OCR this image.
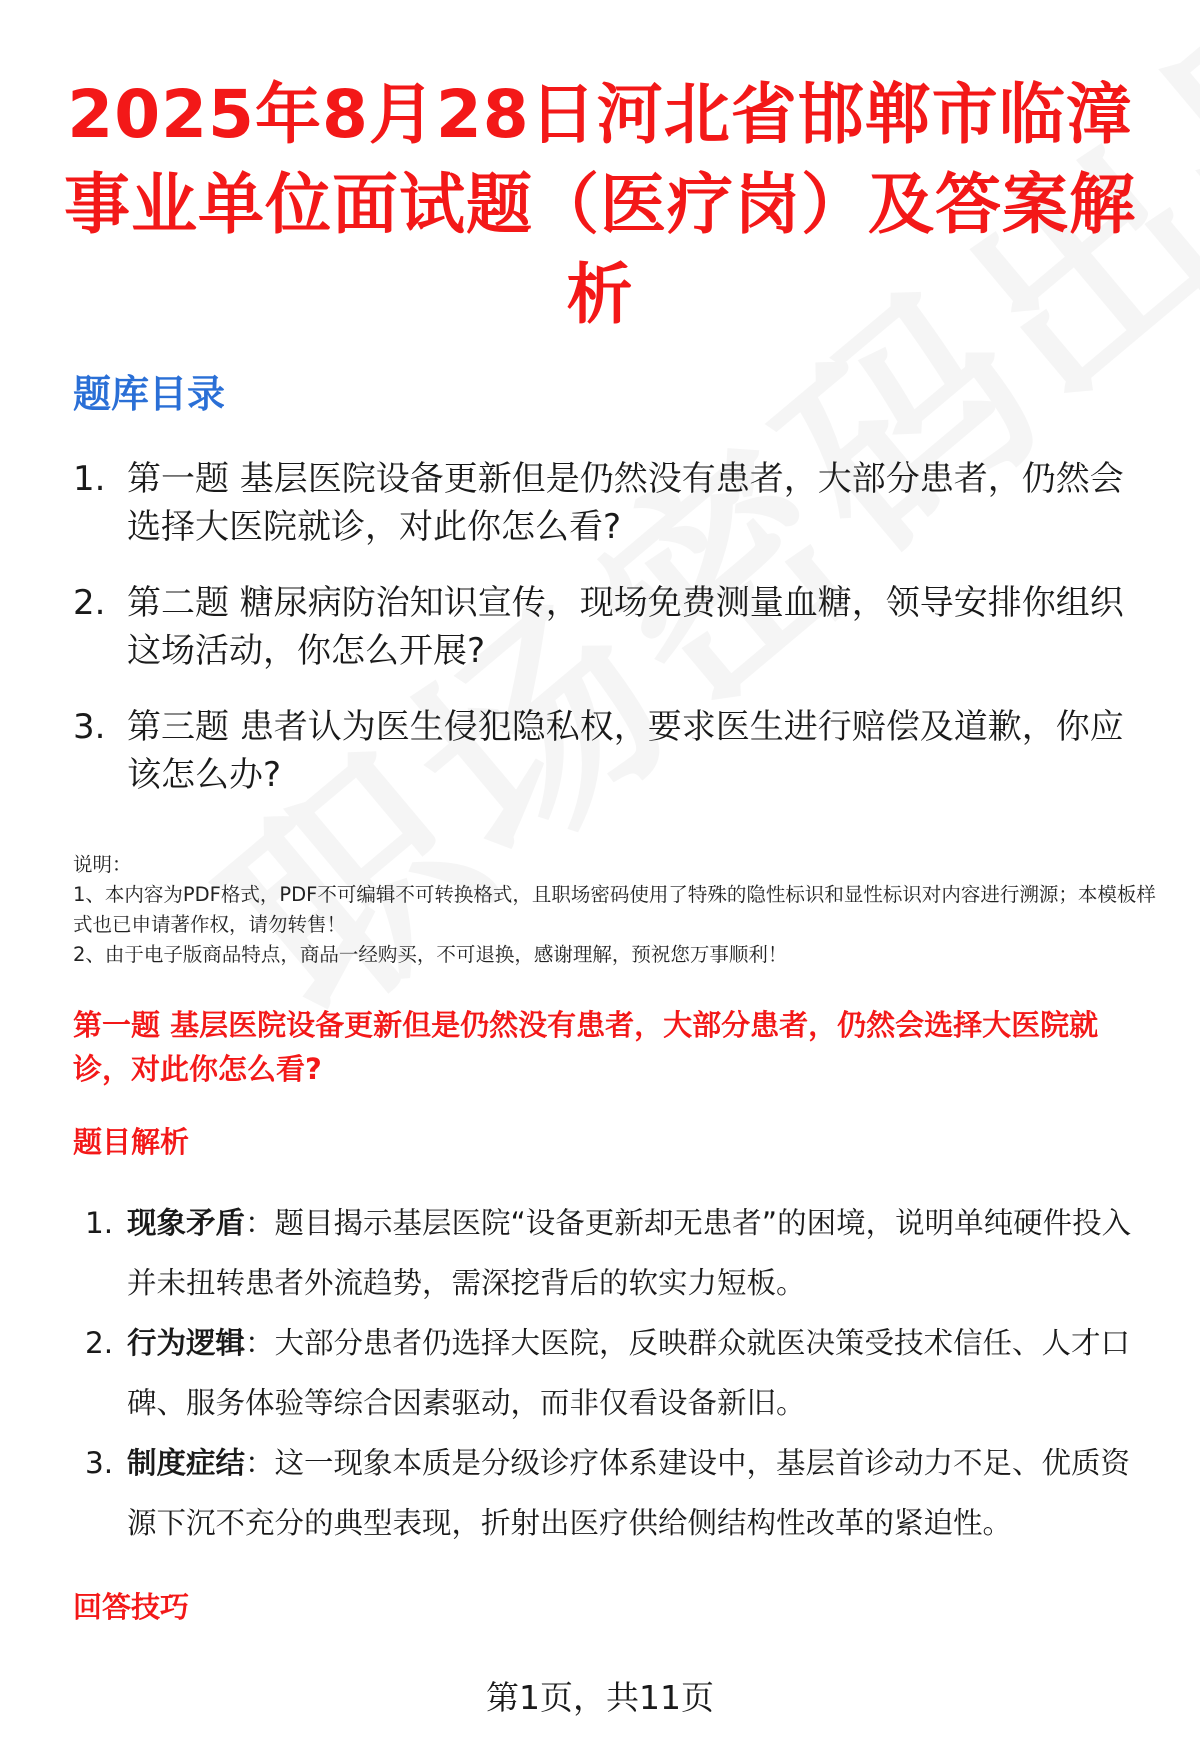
2025年8月28日河北省邯郸市临漳事业单位面试题（医疗岗）及答案解析
题库目录
1. 第一题 基层医院设备更新但是仍然没有患者，大部分患者，仍然会选择大医院就诊，对此你怎么看?
2. 第二题 糖尿病防治知识宣传，现场免费测量血糖，领导安排你组织这场活动，你怎么开展?
3. 第三题 患者认为医生侵犯隐私权，要求医生进行赔偿及道歉，你应该怎么办?
说明：
1、本内容为PDF格式，PDF不可编辑不可转换格式，且职场密码使用了特殊的隐性标识和显性标识对内容进行溯源；本模板样式也已申请著作权，请勿转售！
2、由于电子版商品特点，商品一经购买，不可退换，感谢理解，预祝您万事顺利！
第一题 基层医院设备更新但是仍然没有患者，大部分患者，仍然会选择大医院就诊，对此你怎么看?
题目解析
1. 现象矛盾：题目揭示基层医院“设备更新却无患者”的困境，说明单纯硬件投入并未扭转患者外流趋势，需深挖背后的软实力短板。
2. 行为逻辑：大部分患者仍选择大医院，反映群众就医决策受技术信任、人才口碑、服务体验等综合因素驱动，而非仅看设备新旧。
3. 制度症结：这一现象本质是分级诊疗体系建设中，基层首诊动力不足、优质资源下沉不充分的典型表现，折射出医疗供给侧结构性改革的紧迫性。
回答技巧
第1页，共11页
